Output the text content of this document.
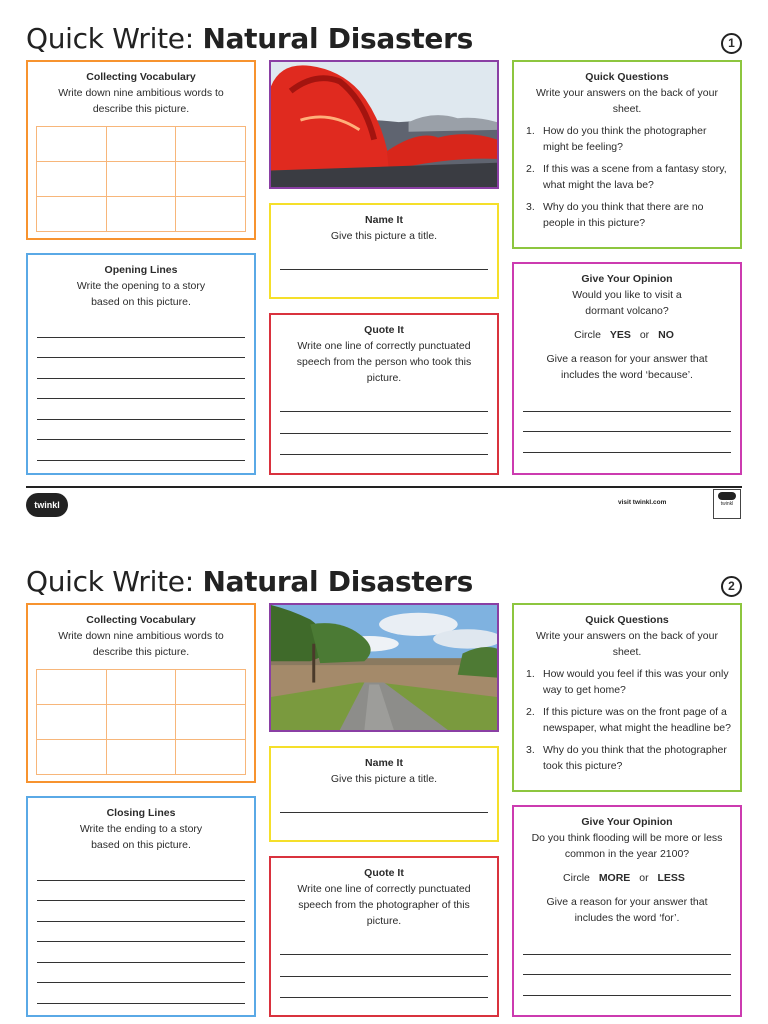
Quick Write: Natural Disasters	1
Collecting Vocabulary
Write down nine ambitious words to describe this picture.
Opening Lines
Write the opening to a story based on this picture.
Name It
Give this picture a title.
Quote It
Write one line of correctly punctuated speech from the person who took this picture.
Quick Questions
Write your answers on the back of your sheet.
1. How do you think the photographer might be feeling?
2. If this was a scene from a fantasy story, what might the lava be?
3. Why do you think that there are no people in this picture?
Give Your Opinion
Would you like to visit a dormant volcano?
Circle YES or NO
Give a reason for your answer that includes the word ‘because’.
twinkl	visit twinkl.com	twinkl
Quick Write: Natural Disasters	2
Collecting Vocabulary
Write down nine ambitious words to describe this picture.
Closing Lines
Write the ending to a story based on this picture.
Name It
Give this picture a title.
Quote It
Write one line of correctly punctuated speech from the photographer of this picture.
Quick Questions
Write your answers on the back of your sheet.
1. How would you feel if this was your only way to get home?
2. If this picture was on the front page of a newspaper, what might the headline be?
3. Why do you think that the photographer took this picture?
Give Your Opinion
Do you think flooding will be more or less common in the year 2100?
Circle MORE or LESS
Give a reason for your answer that includes the word ‘for’.
